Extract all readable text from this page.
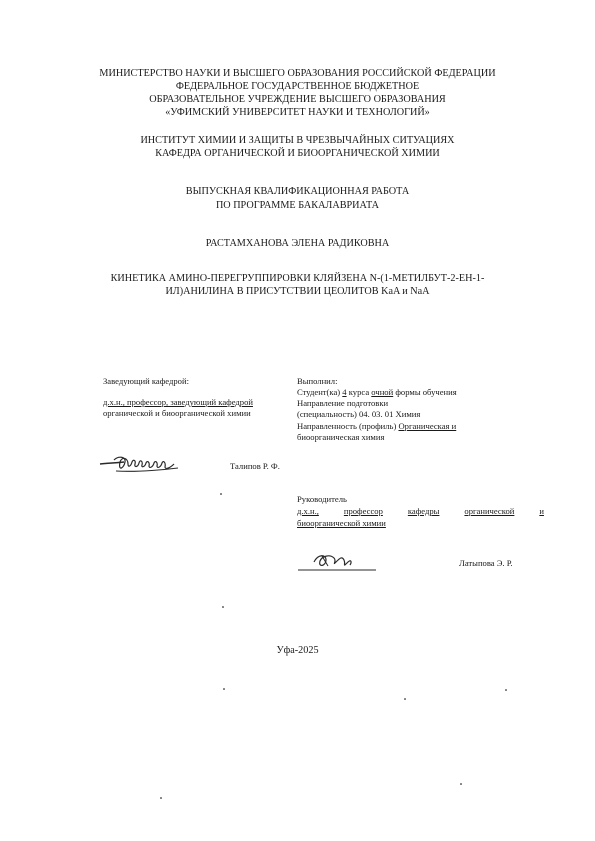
МИНИСТЕРСТВО НАУКИ И ВЫСШЕГО ОБРАЗОВАНИЯ РОССИЙСКОЙ ФЕДЕРАЦИИ
ФЕДЕРАЛЬНОЕ ГОСУДАРСТВЕННОЕ БЮДЖЕТНОЕ
ОБРАЗОВАТЕЛЬНОЕ УЧРЕЖДЕНИЕ ВЫСШЕГО ОБРАЗОВАНИЯ
«УФИМСКИЙ УНИВЕРСИТЕТ НАУКИ И ТЕХНОЛОГИЙ»
ИНСТИТУТ ХИМИИ И ЗАЩИТЫ В ЧРЕЗВЫЧАЙНЫХ СИТУАЦИЯХ
КАФЕДРА ОРГАНИЧЕСКОЙ И БИООРГАНИЧЕСКОЙ ХИМИИ
ВЫПУСКНАЯ КВАЛИФИКАЦИОННАЯ РАБОТА
ПО ПРОГРАММЕ БАКАЛАВРИАТА
РАСТАМХАНОВА ЭЛЕНА РАДИКОВНА
КИНЕТИКА АМИНО-ПЕРЕГРУППИРОВКИ КЛЯЙЗЕНА N-(1-МЕТИЛБУТ-2-ЕН-1-
ИЛ)АНИЛИНА В ПРИСУТСТВИИ ЦЕОЛИТОВ KaA и NaA
Заведующий кафедрой:
д.х.н., профессор, заведующий кафедрой
органической и биоорганической химии
Выполнил:
Студент(ка) 4 курса очной формы обучения
Направление подготовки
(специальность) 04. 03. 01 Химия
Направленность (профиль) Органическая и
биоорганическая химия
Талипов Р. Ф.
Руководитель
д.х.н.,	профессор	кафедры	органической	и
биоорганической химии
Латыпова Э. Р.
Уфа-2025
